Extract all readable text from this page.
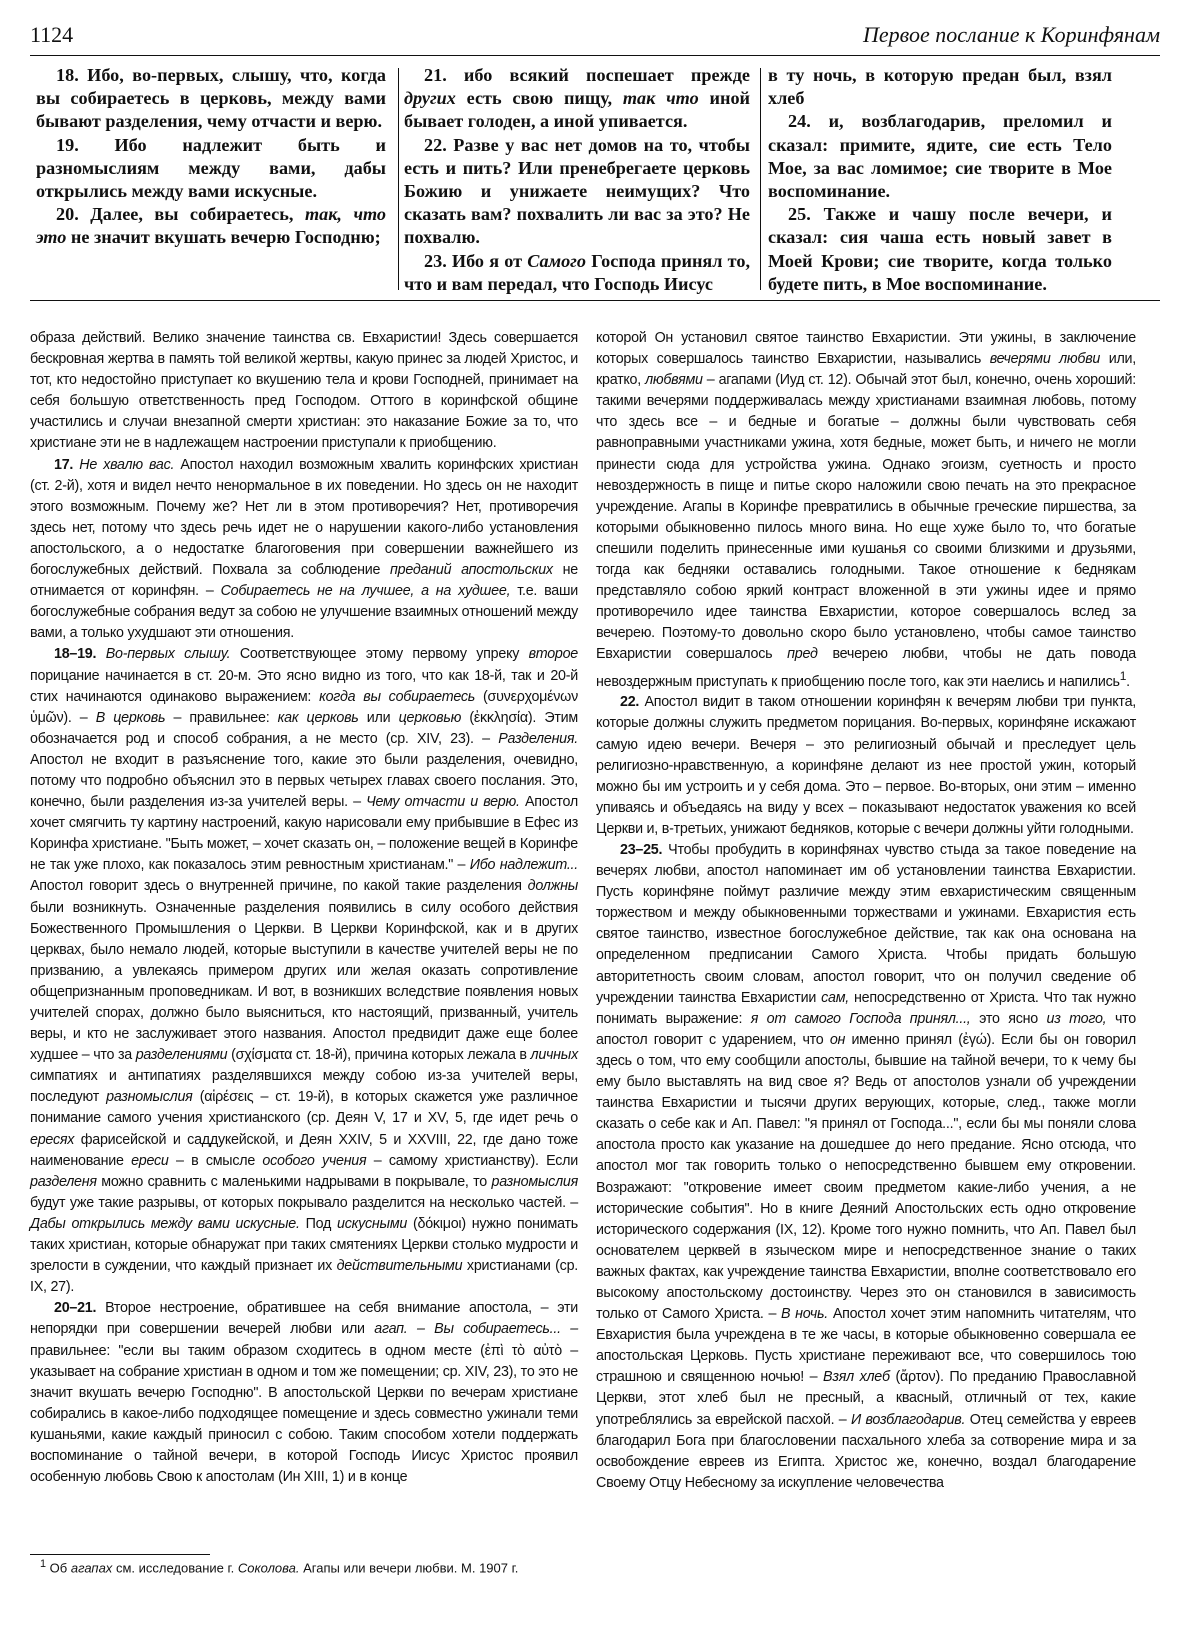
1124	Первое послание к Коринфянам

18. Ибо, во-первых, слышу, что, когда вы собираетесь в церковь, между вами бывают разделения, чему отчасти и верю.

19. Ибо надлежит быть и разномыслиям между вами, дабы открылись между вами искусные.

20. Далее, вы собираетесь, так, что это не значит вкушать вечерю Господню;

21. ибо всякий поспешает прежде других есть свою пищу, так что иной бывает голоден, а иной упивается.

22. Разве у вас нет домов на то, чтобы есть и пить? Или пренебрегаете церковь Божию и унижаете неимущих? Что сказать вам? похвалить ли вас за это? Не похвалю.

23. Ибо я от Самого Господа принял то, что и вам передал, что Господь Иисус

в ту ночь, в которую предан был, взял хлеб

24. и, возблагодарив, преломил и сказал: примите, ядите, сие есть Тело Мое, за вас ломимое; сие творите в Мое воспоминание.

25. Также и чашу после вечери, и сказал: сия чаша есть новый завет в Моей Крови; сие творите, когда только будете пить, в Мое воспоминание.

образа действий. Велико значение таинства св. Евхаристии! Здесь совершается бескровная жертва в память той великой жертвы, какую принес за людей Христос, и тот, кто недостойно приступает ко вкушению тела и крови Господней, принимает на себя большую ответственность пред Господом. Оттого в коринфской общине участились и случаи внезапной смерти христиан: это наказание Божие за то, что христиане эти не в надлежащем настроении приступали к приобщению.

17. Не хвалю вас. Апостол находил возможным хвалить коринфских христиан (ст. 2-й), хотя и видел нечто ненормальное в их поведении. Но здесь он не находит этого возможным. Почему же? Нет ли в этом противоречия? Нет, противоречия здесь нет, потому что здесь речь идет не о нарушении какого-либо установления апостольского, а о недостатке благоговения при совершении важнейшего из богослужебных действий. Похвала за соблюдение преданий апостольских не отнимается от коринфян. – Собираетесь не на лучшее, а на худшее, т.е. ваши богослужебные собрания ведут за собою не улучшение взаимных отношений между вами, а только ухудшают эти отношения.

18–19. Во-первых слышу. Соответствующее этому первому упреку второе порицание начинается в ст. 20-м. Это ясно видно из того, что как 18-й, так и 20-й стих начинаются одинаково выражением: когда вы собираетесь (συνερχομένων ὑμῶν). – В церковь – правильнее: как церковь или церковью (ἐκκλησία). Этим обозначается род и способ собрания, а не место (ср. XIV, 23). – Разделения. Апостол не входит в разъяснение того, какие это были разделения, очевидно, потому что подробно объяснил это в первых четырех главах своего послания. Это, конечно, были разделения из-за учителей веры. – Чему отчасти и верю. Апостол хочет смягчить ту картину настроений, какую нарисовали ему прибывшие в Ефес из Коринфа христиане. "Быть может, – хочет сказать он, – положение вещей в Коринфе не так уже плохо, как показалось этим ревностным христианам." – Ибо надлежит... Апостол говорит здесь о внутренней причине, по какой такие разделения должны были возникнуть. Означенные разделения появились в силу особого действия Божественного Промышления о Церкви. В Церкви Коринфской, как и в других церквах, было немало людей, которые выступили в качестве учителей веры не по призванию, а увлекаясь примером других или желая оказать сопротивление общепризнанным проповедникам. И вот, в возникших вследствие появления новых учителей спорах, должно было выясниться, кто настоящий, призванный, учитель веры, и кто не заслуживает этого названия. Апостол предвидит даже еще более худшее – что за разделениями (σχίσματα ст. 18-й), причина которых лежала в личных симпатиях и антипатиях разделявшихся между собою из-за учителей веры, последуют разномыслия (αἱρέσεις – ст. 19-й), в которых скажется уже различное понимание самого учения христианского (ср. Деян V, 17 и XV, 5, где идет речь о ересях фарисейской и саддукейской, и Деян XXIV, 5 и XXVIII, 22, где дано тоже наименование ереси – в смысле особого учения – самому христианству). Если разделеня можно сравнить с маленькими надрывами в покрывале, то разномыслия будут уже такие разрывы, от которых покрывало разделится на несколько частей. – Дабы открылись между вами искусные. Под искусными (δόκιμοι) нужно понимать таких христиан, которые обнаружат при таких смятениях Церкви столько мудрости и зрелости в суждении, что каждый признает их действительными христианами (ср. IX, 27).

20–21. Второе нестроение, обратившее на себя внимание апостола, – эти непорядки при совершении вечерей любви или агап. – Вы собираетесь... – правильнее: "если вы таким образом сходитесь в одном месте (ἐπὶ τὸ αὐτὸ – указывает на собрание христиан в одном и том же помещении; ср. XIV, 23), то это не значит вкушать вечерю Господню". В апостольской Церкви по вечерам христиане собирались в какое-либо подходящее помещение и здесь совместно ужинали теми кушаньями, какие каждый приносил с собою. Таким способом хотели поддержать воспоминание о тайной вечери, в которой Господь Иисус Христос проявил особенную любовь Свою к апостолам (Ин XIII, 1) и в конце

которой Он установил святое таинство Евхаристии. Эти ужины, в заключение которых совершалось таинство Евхаристии, назывались вечерями любви или, кратко, любвями – агапами (Иуд ст. 12). Обычай этот был, конечно, очень хороший: такими вечерями поддерживалась между христианами взаимная любовь, потому что здесь все – и бедные и богатые – должны были чувствовать себя равноправными участниками ужина, хотя бедные, может быть, и ничего не могли принести сюда для устройства ужина. Однако эгоизм, суетность и просто невоздержность в пище и питье скоро наложили свою печать на это прекрасное учреждение. Агапы в Коринфе превратились в обычные греческие пиршества, за которыми обыкновенно пилось много вина. Но еще хуже было то, что богатые спешили поделить принесенные ими кушанья со своими близкими и друзьями, тогда как бедняки оставались голодными. Такое отношение к беднякам представляло собою яркий контраст вложенной в эти ужины идее и прямо противоречило идее таинства Евхаристии, которое совершалось вслед за вечерею. Поэтому-то довольно скоро было установлено, чтобы самое таинство Евхаристии совершалось пред вечерею любви, чтобы не дать повода невоздержным приступать к приобщению после того, как эти наелись и напились$^1$.

22. Апостол видит в таком отношении коринфян к вечерям любви три пункта, которые должны служить предметом порицания. Во-первых, коринфяне искажают самую идею вечери. Вечеря – это религиозный обычай и преследует цель религиозно-нравственную, а коринфяне делают из нее простой ужин, который можно бы им устроить и у себя дома. Это – первое. Во-вторых, они этим – именно упиваясь и объедаясь на виду у всех – показывают недостаток уважения ко всей Церкви и, в-третьих, унижают бедняков, которые с вечери должны уйти голодными.

23–25. Чтобы пробудить в коринфянах чувство стыда за такое поведение на вечерях любви, апостол напоминает им об установлении таинства Евхаристии. Пусть коринфяне поймут различие между этим евхаристическим священным торжеством и между обыкновенными торжествами и ужинами. Евхаристия есть святое таинство, известное богослужебное действие, так как она основана на определенном предписании Самого Христа. Чтобы придать большую авторитетность своим словам, апостол говорит, что он получил сведение об учреждении таинства Евхаристии сам, непосредственно от Христа. Что так нужно понимать выражение: я от самого Господа принял..., это ясно из того, что апостол говорит с ударением, что он именно принял (ἐγώ). Если бы он говорил здесь о том, что ему сообщили апостолы, бывшие на тайной вечери, то к чему бы ему было выставлять на вид свое я? Ведь от апостолов узнали об учреждении таинства Евхаристии и тысячи других верующих, которые, след., также могли сказать о себе как и Ап. Павел: "я принял от Господа...", если бы мы поняли слова апостола просто как указание на дошедшее до него предание. Ясно отсюда, что апостол мог так говорить только о непосредственно бывшем ему откровении. Возражают: "откровение имеет своим предметом какие-либо учения, а не исторические события". Но в книге Деяний Апостольских есть одно откровение исторического содержания (IX, 12). Кроме того нужно помнить, что Ап. Павел был основателем церквей в языческом мире и непосредственное знание о таких важных фактах, как учреждение таинства Евхаристии, вполне соответствовало его высокому апостольскому достоинству. Через это он становился в зависимость только от Самого Христа. – В ночь. Апостол хочет этим напомнить читателям, что Евхаристия была учреждена в те же часы, в которые обыкновенно совершала ее апостольская Церковь. Пусть христиане переживают все, что совершилось тою страшною и священною ночью! – Взял хлеб (ἄρτον). По преданию Православной Церкви, этот хлеб был не пресный, а квасный, отличный от тех, какие употреблялись за еврейской пасхой. – И возблагодарив. Отец семейства у евреев благодарил Бога при благословении пасхального хлеба за сотворение мира и за освобождение евреев из Египта. Христос же, конечно, воздал благодарение Своему Отцу Небесному за искупление человечества

$^1$ Об агапах см. исследование г. Соколова. Агапы или вечери любви. М. 1907 г.
